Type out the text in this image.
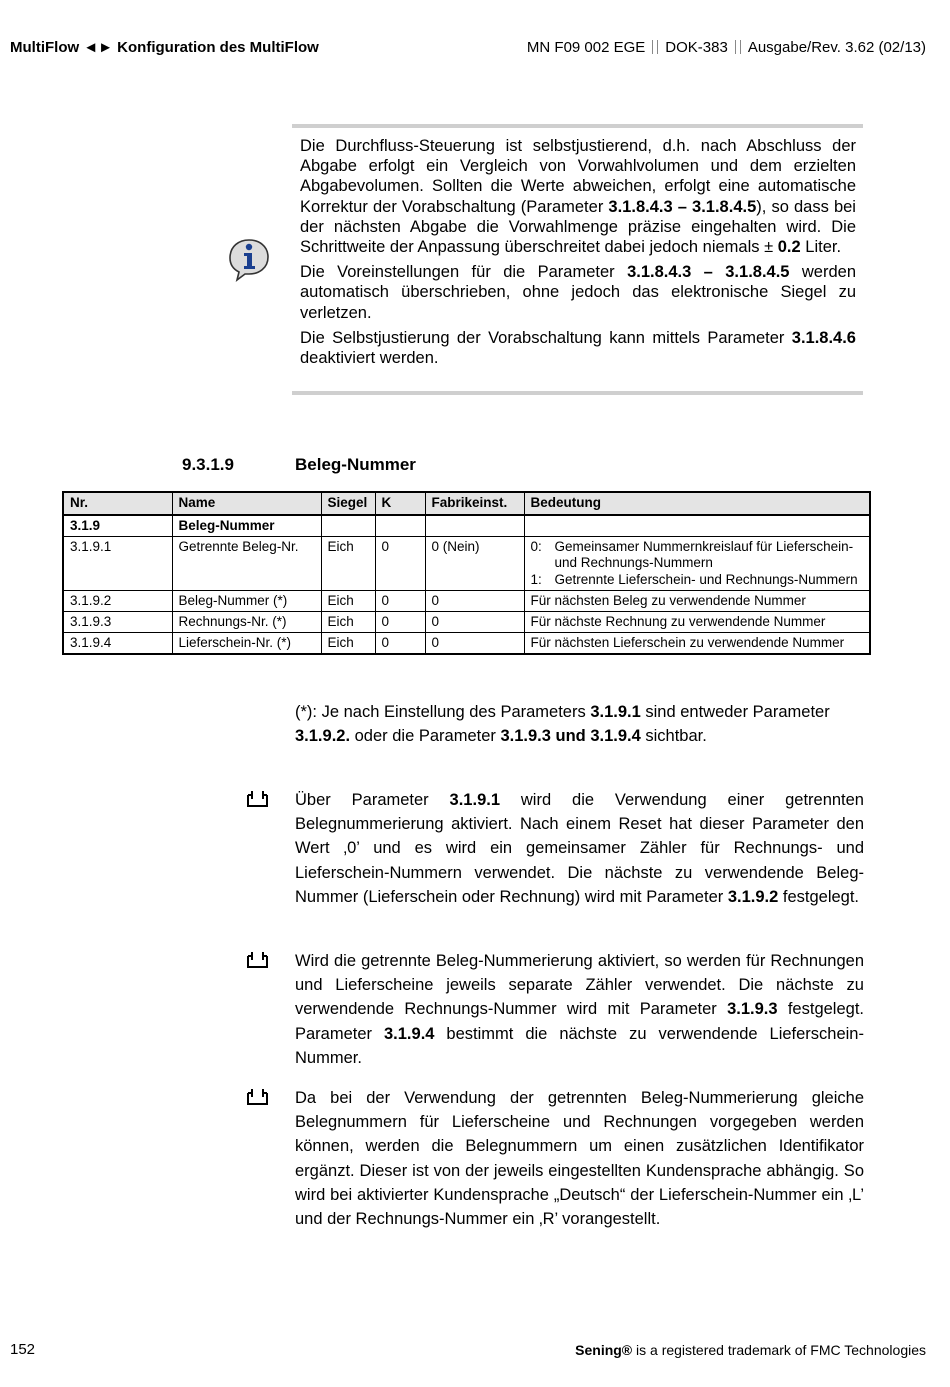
MultiFlow ◄► Konfiguration des MultiFlow	MN F09 002 EGE DOK-383 Ausgabe/Rev. 3.62 (02/13)

Die Durchfluss-Steuerung ist selbstjustierend, d.h. nach Abschluss der Abgabe erfolgt ein Vergleich von Vorwahlvolumen und dem erzielten Abgabevolumen. Sollten die Werte abweichen, erfolgt eine automatische Korrektur der Vorabschaltung (Parameter 3.1.8.4.3 – 3.1.8.4.5), so dass bei der nächsten Abgabe die Vorwahlmenge präzise eingehalten wird. Die Schrittweite der Anpassung überschreitet dabei jedoch niemals ± 0.2 Liter.

Die Voreinstellungen für die Parameter 3.1.8.4.3 – 3.1.8.4.5 werden automatisch überschrieben, ohne jedoch das elektronische Siegel zu verletzen.

Die Selbstjustierung der Vorabschaltung kann mittels Parameter 3.1.8.4.6 deaktiviert werden.

9.3.1.9	Beleg-Nummer
Nr.	Name	Siegel	K	Fabrikeinst.	Bedeutung
3.1.9	Beleg-Nummer				
3.1.9.1	Getrennte Beleg-Nr.	Eich	0	0 (Nein)	0: Gemeinsamer Nummernkreislauf für Lieferschein- und Rechnungs-Nummern
1: Getrennte Lieferschein- und Rechnungs-Nummern

3.1.9.2	Beleg-Nummer (*)	Eich	0	0	Für nächsten Beleg zu verwendende Nummer
3.1.9.3	Rechnungs-Nr. (*)	Eich	0	0	Für nächste Rechnung zu verwendende Nummer
3.1.9.4	Lieferschein-Nr. (*)	Eich	0	0	Für nächsten Lieferschein zu verwendende Nummer
(*): Je nach Einstellung des Parameters 3.1.9.1 sind entweder Parameter 3.1.9.2. oder die Parameter 3.1.9.3 und 3.1.9.4 sichtbar.
Über Parameter 3.1.9.1 wird die Verwendung einer getrennten Belegnummerierung aktiviert. Nach einem Reset hat dieser Parameter den Wert ‚0’ und es wird ein gemeinsamer Zähler für Rechnungs- und Lieferschein-Nummern verwendet. Die nächste zu verwendende Beleg-Nummer (Lieferschein oder Rechnung) wird mit Parameter 3.1.9.2 festgelegt.
Wird die getrennte Beleg-Nummerierung aktiviert, so werden für Rechnungen und Lieferscheine jeweils separate Zähler verwendet. Die nächste zu verwendende Rechnungs-Nummer wird mit Parameter 3.1.9.3 festgelegt. Parameter 3.1.9.4 bestimmt die nächste zu verwendende Lieferschein-Nummer.
Da bei der Verwendung der getrennten Beleg-Nummerierung gleiche Belegnummern für Lieferscheine und Rechnungen vorgegeben werden können, werden die Belegnummern um einen zusätzlichen Identifikator ergänzt. Dieser ist von der jeweils eingestellten Kundensprache abhängig. So wird bei aktivierter Kundensprache „Deutsch“ der Lieferschein-Nummer ein ‚L’ und der Rechnungs-Nummer ein ‚R’ vorangestellt.
152	Sening® is a registered trademark of FMC Technologies
